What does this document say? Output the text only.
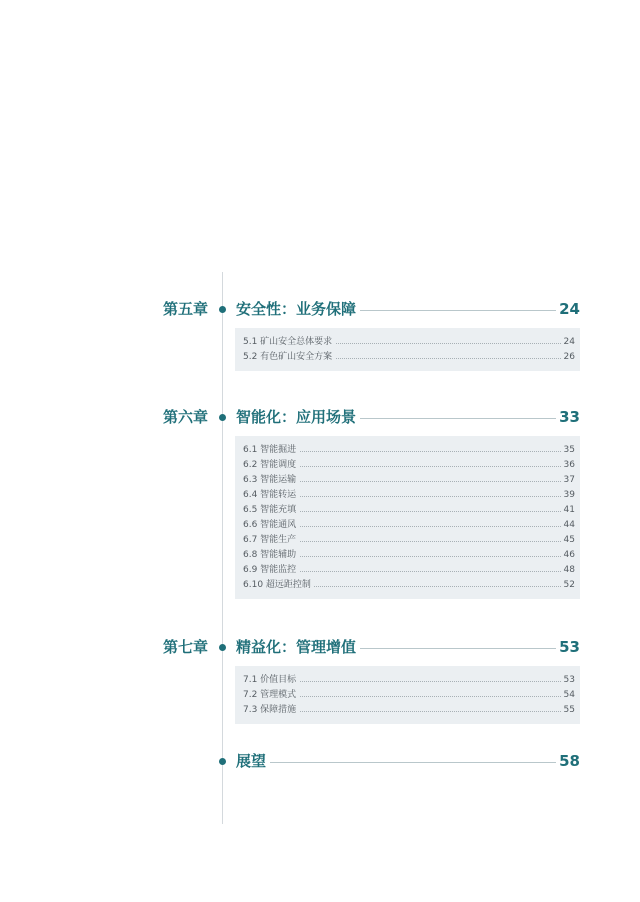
第五章 安全性：业务保障	24
5.1 矿山安全总体要求	24
5.2 有色矿山安全方案	26
第六章 智能化：应用场景	33
6.1 智能掘进	35
6.2 智能调度	36
6.3 智能运输	37
6.4 智能转运	39
6.5 智能充填	41
6.6 智能通风	44
6.7 智能生产	45
6.8 智能辅助	46
6.9 智能监控	48
6.10 超远距控制	52
第七章 精益化：管理增值	53
7.1 价值目标	53
7.2 管理模式	54
7.3 保障措施	55
展望	58
